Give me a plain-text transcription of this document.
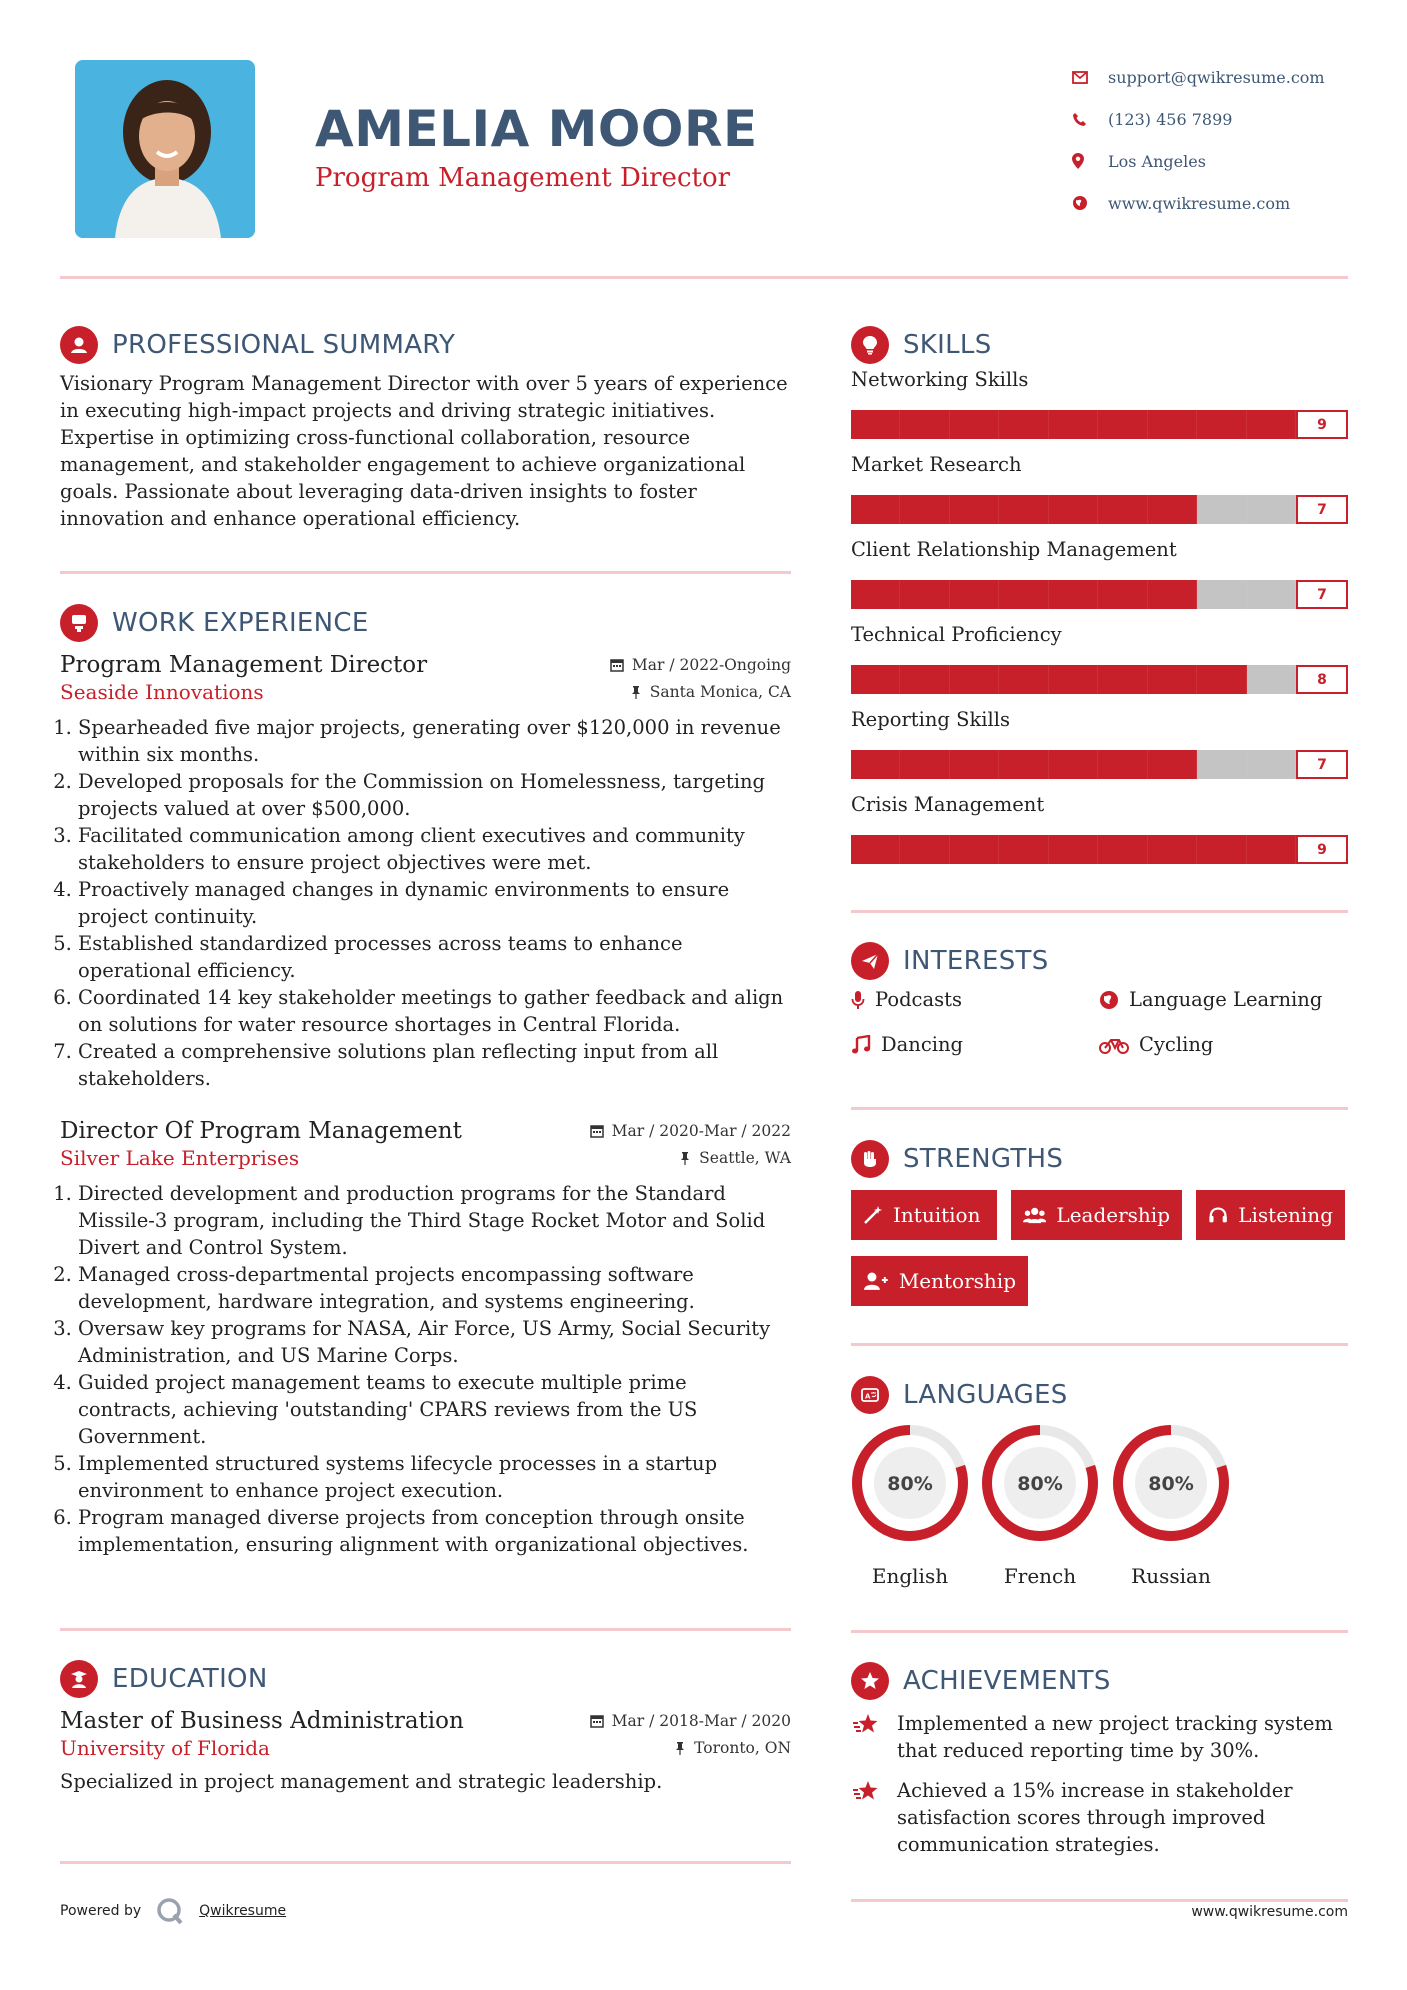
AMELIA MOORE
Program Management Director
support@qwikresume.com
(123) 456 7899
Los Angeles
www.qwikresume.com
PROFESSIONAL SUMMARY

Visionary Program Management Director with over 5 years of experience in executing high-impact projects and driving strategic initiatives. Expertise in optimizing cross-functional collaboration, resource management, and stakeholder engagement to achieve organizational goals. Passionate about leveraging data-driven insights to foster innovation and enhance operational efficiency.

WORK EXPERIENCE
Program Management Director	Mar / 2022-Ongoing
Seaside Innovations	Santa Monica, CA
1. Spearheaded five major projects, generating over $120,000 in revenue within six months.
2. Developed proposals for the Commission on Homelessness, targeting projects valued at over $500,000.
3. Facilitated communication among client executives and community stakeholders to ensure project objectives were met.
4. Proactively managed changes in dynamic environments to ensure project continuity.
5. Established standardized processes across teams to enhance operational efficiency.
6. Coordinated 14 key stakeholder meetings to gather feedback and align on solutions for water resource shortages in Central Florida.
7. Created a comprehensive solutions plan reflecting input from all stakeholders.
Director Of Program Management	Mar / 2020-Mar / 2022
Silver Lake Enterprises	Seattle, WA
1. Directed development and production programs for the Standard Missile-3 program, including the Third Stage Rocket Motor and Solid Divert and Control System.
2. Managed cross-departmental projects encompassing software development, hardware integration, and systems engineering.
3. Oversaw key programs for NASA, Air Force, US Army, Social Security Administration, and US Marine Corps.
4. Guided project management teams to execute multiple prime contracts, achieving 'outstanding' CPARS reviews from the US Government.
5. Implemented structured systems lifecycle processes in a startup environment to enhance project execution.
6. Program managed diverse projects from conception through onsite implementation, ensuring alignment with organizational objectives.
EDUCATION
Master of Business Administration	Mar / 2018-Mar / 2020
University of Florida	Toronto, ON

Specialized in project management and strategic leadership.

SKILLS
Networking Skills
9
Market Research
7
Client Relationship Management
7
Technical Proficiency
8
Reporting Skills
7
Crisis Management
9
INTERESTS
Podcasts	Language Learning
Dancing	Cycling
STRENGTHS
Intuition	Leadership	Listening
Mentorship
A LANGUAGES
80%
English
80%
French
80%
Russian
ACHIEVEMENTS
Implemented a new project tracking system that reduced reporting time by 30%.
Achieved a 15% increase in stakeholder satisfaction scores through improved communication strategies.
Powered by	Qwikresume	www.qwikresume.com
